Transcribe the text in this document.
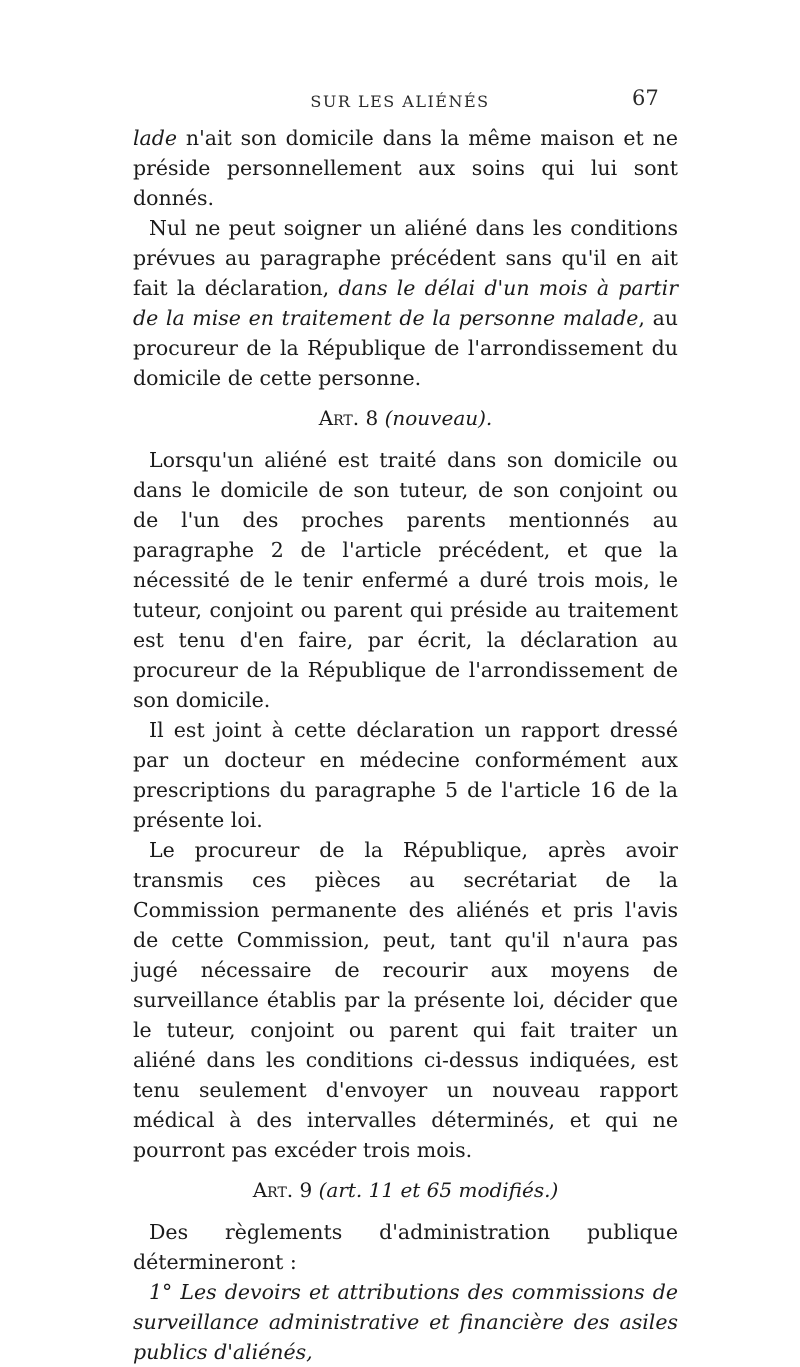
SUR LES ALIÉNÉS	67

lade n'ait son domicile dans la même maison et ne préside personnellement aux soins qui lui sont donnés.

Nul ne peut soigner un aliéné dans les conditions prévues au paragraphe précédent sans qu'il en ait fait la déclaration, dans le délai d'un mois à partir de la mise en traitement de la personne malade, au procureur de la République de l'arrondissement du domicile de cette personne.

Art. 8 (nouveau).

Lorsqu'un aliéné est traité dans son domicile ou dans le domicile de son tuteur, de son conjoint ou de l'un des proches parents mentionnés au paragraphe 2 de l'article précédent, et que la nécessité de le tenir enfermé a duré trois mois, le tuteur, conjoint ou parent qui préside au traitement est tenu d'en faire, par écrit, la déclaration au procureur de la République de l'arrondissement de son domicile.

Il est joint à cette déclaration un rapport dressé par un docteur en médecine conformément aux prescriptions du paragraphe 5 de l'article 16 de la présente loi.

Le procureur de la République, après avoir transmis ces pièces au secrétariat de la Commission permanente des aliénés et pris l'avis de cette Commission, peut, tant qu'il n'aura pas jugé nécessaire de recourir aux moyens de surveillance établis par la présente loi, décider que le tuteur, conjoint ou parent qui fait traiter un aliéné dans les conditions ci-dessus indiquées, est tenu seulement d'envoyer un nouveau rapport médical à des intervalles déterminés, et qui ne pourront pas excéder trois mois.

Art. 9 (art. 11 et 65 modifiés.)

Des règlements d'administration publique détermineront :

1° Les devoirs et attributions des commissions de surveillance administrative et financière des asiles publics d'aliénés,
